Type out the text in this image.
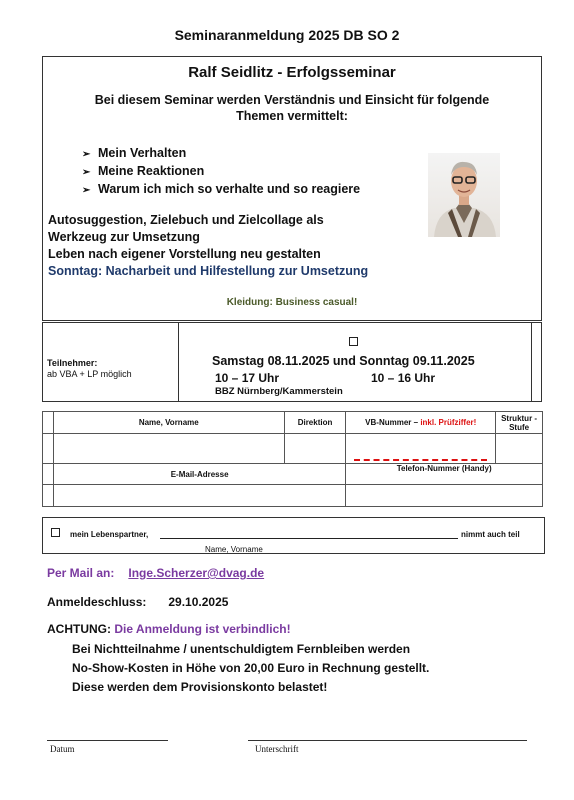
Seminaranmeldung 2025 DB SO 2
Ralf Seidlitz - Erfolgsseminar
Bei diesem Seminar werden Verständnis und Einsicht für folgende Themen vermittelt:
➢ Mein Verhalten
➢ Meine Reaktionen
➢ Warum ich mich so verhalte und so reagiere
Autosuggestion, Zielebuch und Zielcollage als
Werkzeug zur Umsetzung
Leben nach eigener Vorstellung neu gestalten
Sonntag: Nacharbeit und Hilfestellung zur Umsetzung
Kleidung: Business casual!
Teilnehmer:
ab VBA + LP möglich
Samstag 08.11.2025 und Sonntag 09.11.2025
10 – 17 Uhr	10 – 16 Uhr
BBZ Nürnberg/Kammerstein
	Name, Vorname	Direktion	VB-Nummer – inkl. Prüfziffer!	Struktur -Stufe

	E-Mail-Adresse		Telefon-Nummer (Handy)	

mein Lebenspartner,	nimmt auch teil
Name, Vorname
Per Mail an: Inge.Scherzer@dvag.de
Anmeldeschluss: 29.10.2025
ACHTUNG: Die Anmeldung ist verbindlich!
Bei Nichtteilnahme / unentschuldigtem Fernbleiben werden
No-Show-Kosten in Höhe von 20,00 Euro in Rechnung gestellt.
Diese werden dem Provisionskonto belastet!
Datum	Unterschrift
